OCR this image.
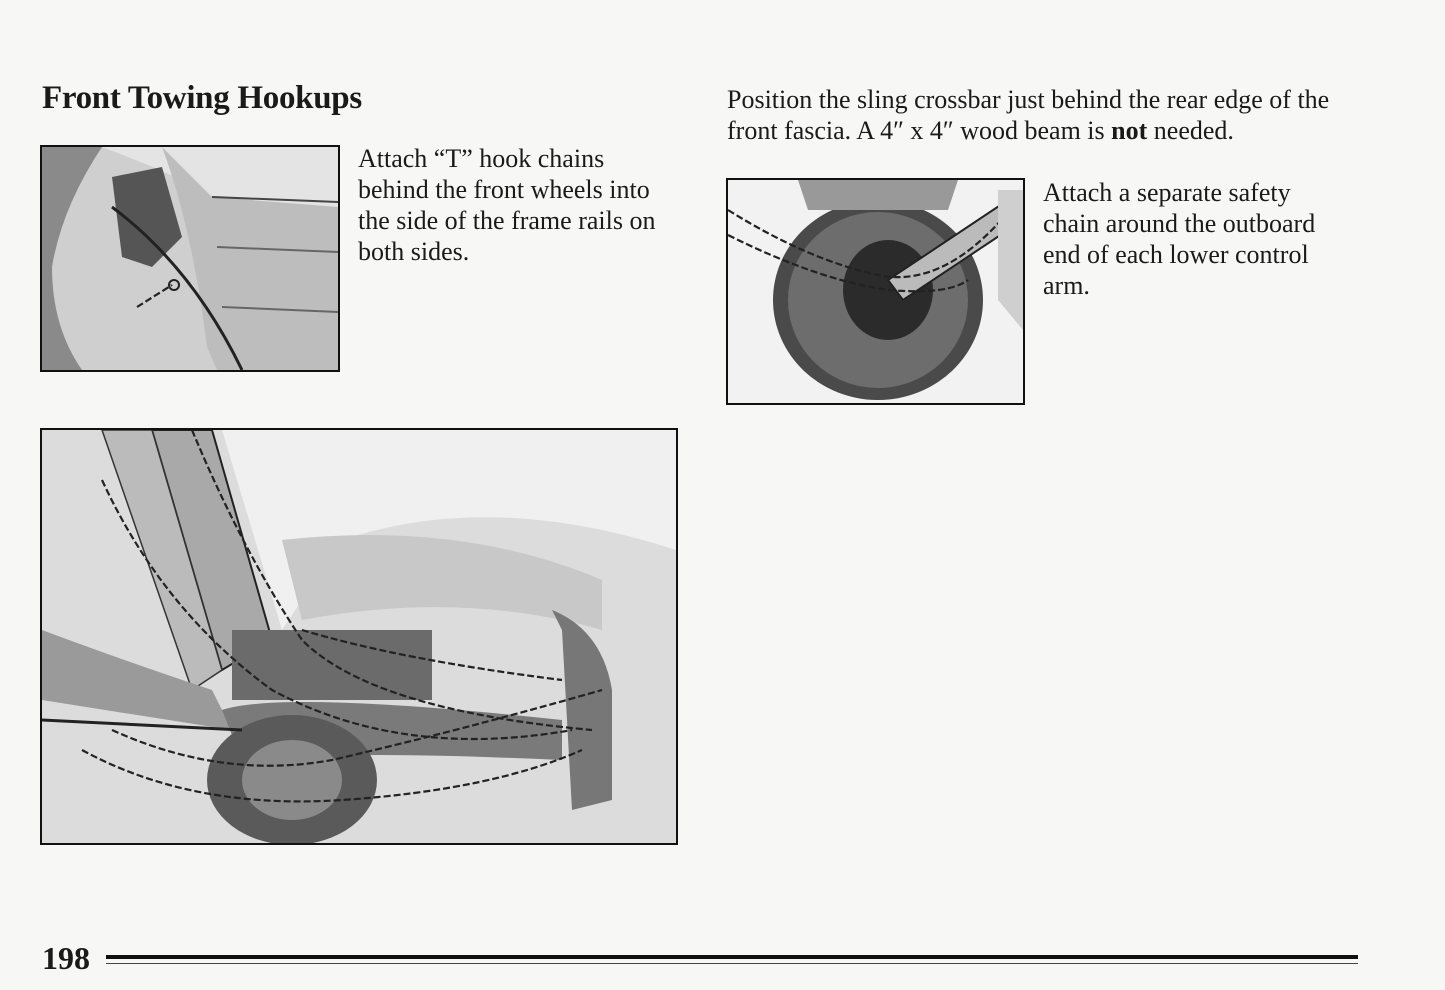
Front Towing Hookups
Attach “T” hook chains behind the front wheels into the side of the frame rails on both sides.
Position the sling crossbar just behind the rear edge of the front fascia. A 4″ x 4″ wood beam is not needed.
Attach a separate safety chain around the outboard end of each lower control arm.
198
